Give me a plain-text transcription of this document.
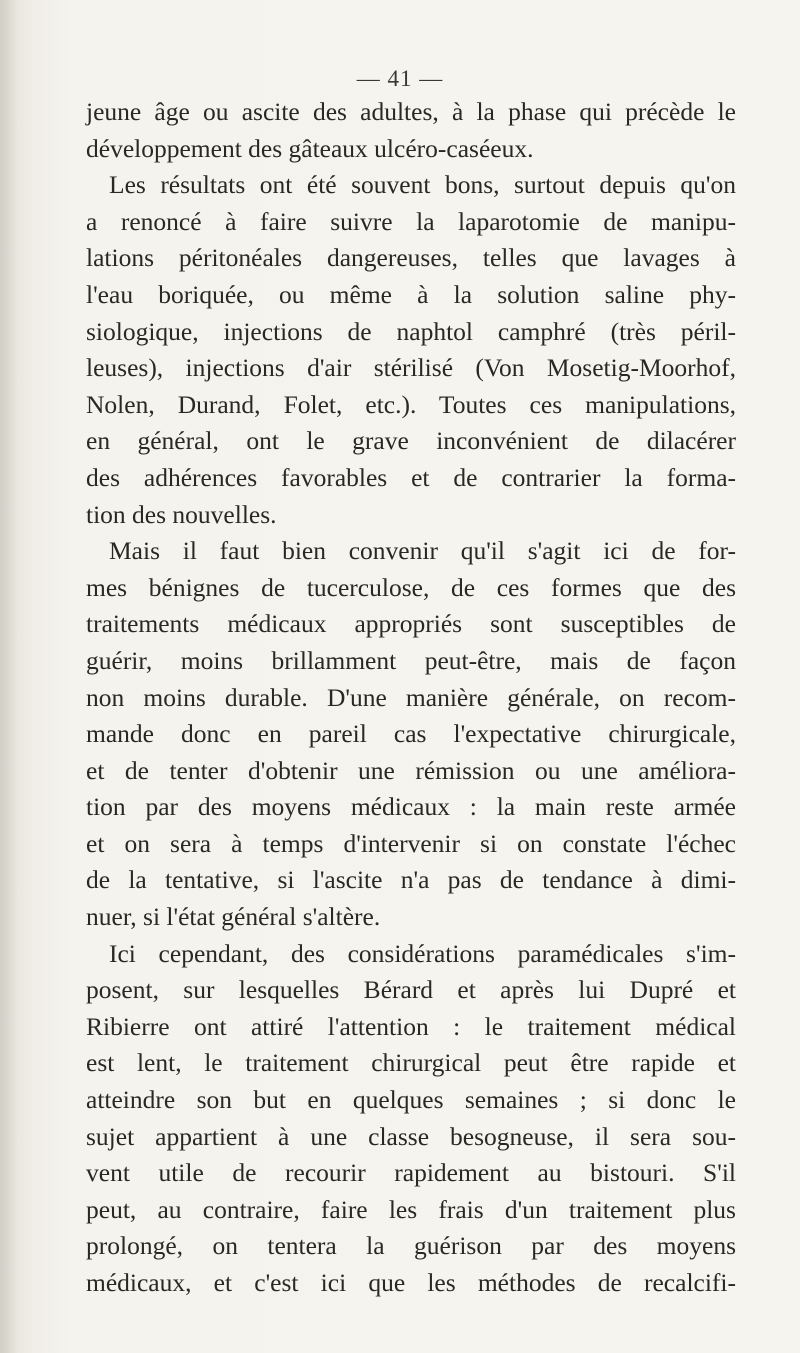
— 41 —
jeune âge ou ascite des adultes, à la phase qui précède le
développement des gâteaux ulcéro-caséeux.
Les résultats ont été souvent bons, surtout depuis qu'on
a renoncé à faire suivre la laparotomie de manipu-
lations péritonéales dangereuses, telles que lavages à
l'eau boriquée, ou même à la solution saline phy-
siologique, injections de naphtol camphré (très péril-
leuses), injections d'air stérilisé (Von Mosetig-Moorhof,
Nolen, Durand, Folet, etc.). Toutes ces manipulations,
en général, ont le grave inconvénient de dilacérer
des adhérences favorables et de contrarier la forma-
tion des nouvelles.
Mais il faut bien convenir qu'il s'agit ici de for-
mes bénignes de tucerculose, de ces formes que des
traitements médicaux appropriés sont susceptibles de
guérir, moins brillamment peut-être, mais de façon
non moins durable. D'une manière générale, on recom-
mande donc en pareil cas l'expectative chirurgicale,
et de tenter d'obtenir une rémission ou une améliora-
tion par des moyens médicaux : la main reste armée
et on sera à temps d'intervenir si on constate l'échec
de la tentative, si l'ascite n'a pas de tendance à dimi-
nuer, si l'état général s'altère.
Ici cependant, des considérations paramédicales s'im-
posent, sur lesquelles Bérard et après lui Dupré et
Ribierre ont attiré l'attention : le traitement médical
est lent, le traitement chirurgical peut être rapide et
atteindre son but en quelques semaines ; si donc le
sujet appartient à une classe besogneuse, il sera sou-
vent utile de recourir rapidement au bistouri. S'il
peut, au contraire, faire les frais d'un traitement plus
prolongé, on tentera la guérison par des moyens
médicaux, et c'est ici que les méthodes de recalcifi-
